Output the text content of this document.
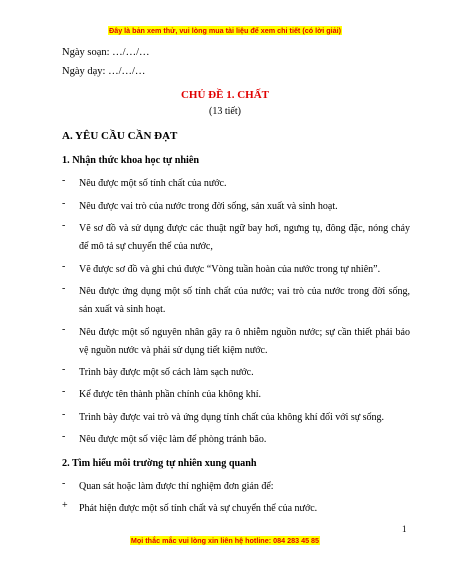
Đây là bản xem thử, vui lòng mua tài liệu để xem chi tiết (có lời giải)
Ngày soạn: …/…/…
Ngày dạy: …/…/…
CHỦ ĐỀ 1. CHẤT
(13 tiết)
A. YÊU CẦU CẦN ĐẠT
1. Nhận thức khoa học tự nhiên
- Nêu được một số tính chất của nước.
- Nêu được vai trò của nước trong đời sống, sản xuất và sinh hoạt.
- Vẽ sơ đồ và sử dụng được các thuật ngữ bay hơi, ngưng tụ, đông đặc, nóng chảy để mô tả sự chuyển thể của nước,
- Vẽ được sơ đồ và ghi chú được “Vòng tuần hoàn của nước trong tự nhiên”.
- Nêu được ứng dụng một số tính chất của nước; vai trò của nước trong đời sống, sản xuất và sinh hoạt.
- Nêu được một số nguyên nhân gây ra ô nhiễm nguồn nước; sự cần thiết phải bảo vệ nguồn nước và phải sử dụng tiết kiệm nước.
- Trình bày được một số cách làm sạch nước.
- Kể được tên thành phần chính của không khí.
- Trình bày được vai trò và ứng dụng tính chất của không khí đối với sự sống.
- Nêu được một số việc làm để phòng tránh bão.
2. Tìm hiểu môi trường tự nhiên xung quanh
- Quan sát hoặc làm được thí nghiệm đơn giản để:
+ Phát hiện được một số tính chất và sự chuyển thể của nước.
1
Mọi thắc mắc vui lòng xin liên hệ hotline: 084 283 45 85
